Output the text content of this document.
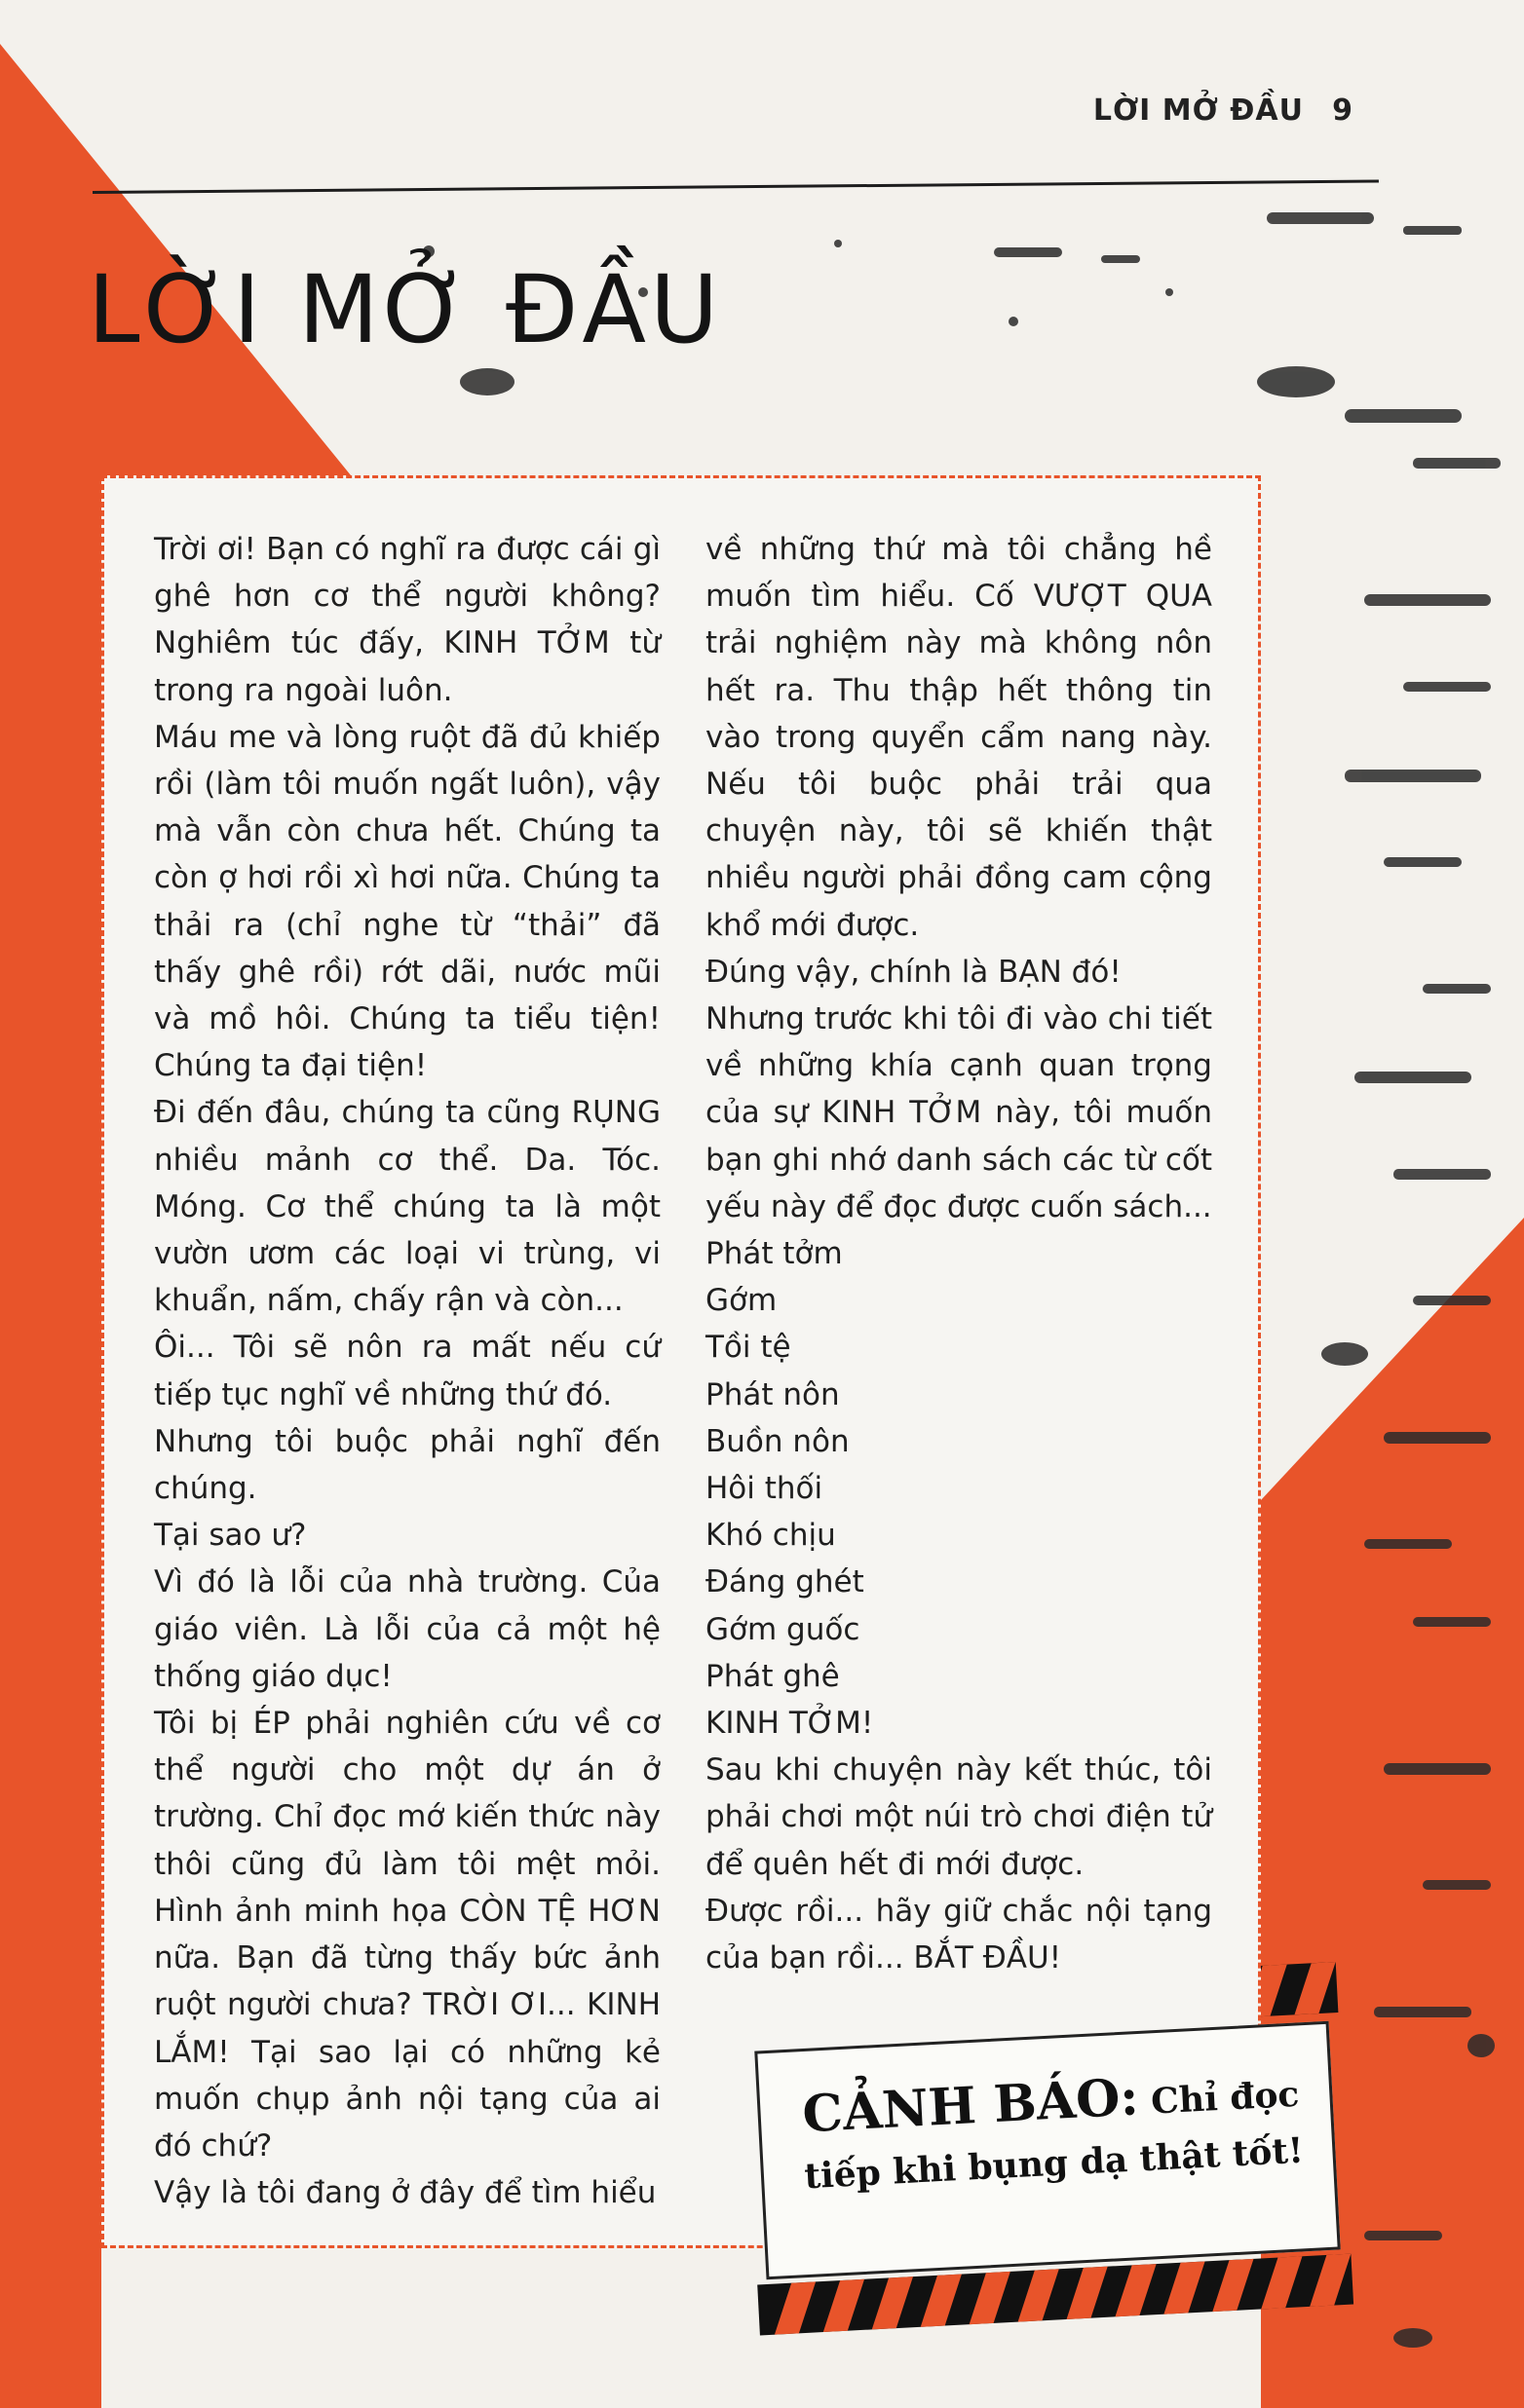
LỜI MỞ ĐẦU 9
LỜI MỞ ĐẦU

Trời ơi! Bạn có nghĩ ra được cái gì ghê hơn cơ thể người không? Nghiêm túc đấy, KINH TỞM từ trong ra ngoài luôn.

Máu me và lòng ruột đã đủ khiếp rồi (làm tôi muốn ngất luôn), vậy mà vẫn còn chưa hết. Chúng ta còn ợ hơi rồi xì hơi nữa. Chúng ta thải ra (chỉ nghe từ “thải” đã thấy ghê rồi) rớt dãi, nước mũi và mồ hôi. Chúng ta tiểu tiện! Chúng ta đại tiện!

Đi đến đâu, chúng ta cũng RỤNG nhiều mảnh cơ thể. Da. Tóc. Móng. Cơ thể chúng ta là một vườn ươm các loại vi trùng, vi khuẩn, nấm, chấy rận và còn...

Ôi... Tôi sẽ nôn ra mất nếu cứ tiếp tục nghĩ về những thứ đó.

Nhưng tôi buộc phải nghĩ đến chúng.

Tại sao ư?

Vì đó là lỗi của nhà trường. Của giáo viên. Là lỗi của cả một hệ thống giáo dục!

Tôi bị ÉP phải nghiên cứu về cơ thể người cho một dự án ở trường. Chỉ đọc mớ kiến thức này thôi cũng đủ làm tôi mệt mỏi. Hình ảnh minh họa CÒN TỆ HƠN nữa. Bạn đã từng thấy bức ảnh ruột người chưa? TRỜI ƠI... KINH LẮM! Tại sao lại có những kẻ muốn chụp ảnh nội tạng của ai đó chứ?

Vậy là tôi đang ở đây để tìm hiểu

về những thứ mà tôi chẳng hề muốn tìm hiểu. Cố VƯỢT QUA trải nghiệm này mà không nôn hết ra. Thu thập hết thông tin vào trong quyển cẩm nang này. Nếu tôi buộc phải trải qua chuyện này, tôi sẽ khiến thật nhiều người phải đồng cam cộng khổ mới được.

Đúng vậy, chính là BẠN đó!

Nhưng trước khi tôi đi vào chi tiết về những khía cạnh quan trọng của sự KINH TỞM này, tôi muốn bạn ghi nhớ danh sách các từ cốt yếu này để đọc được cuốn sách...

Phát tởm

Gớm

Tồi tệ

Phát nôn

Buồn nôn

Hôi thối

Khó chịu

Đáng ghét

Gớm guốc

Phát ghê

KINH TỞM!

Sau khi chuyện này kết thúc, tôi phải chơi một núi trò chơi điện tử để quên hết đi mới được.

Được rồi... hãy giữ chắc nội tạng của bạn rồi... BẮT ĐẦU!

CẢNH BÁO: Chỉ đọc
tiếp khi bụng dạ thật tốt!
